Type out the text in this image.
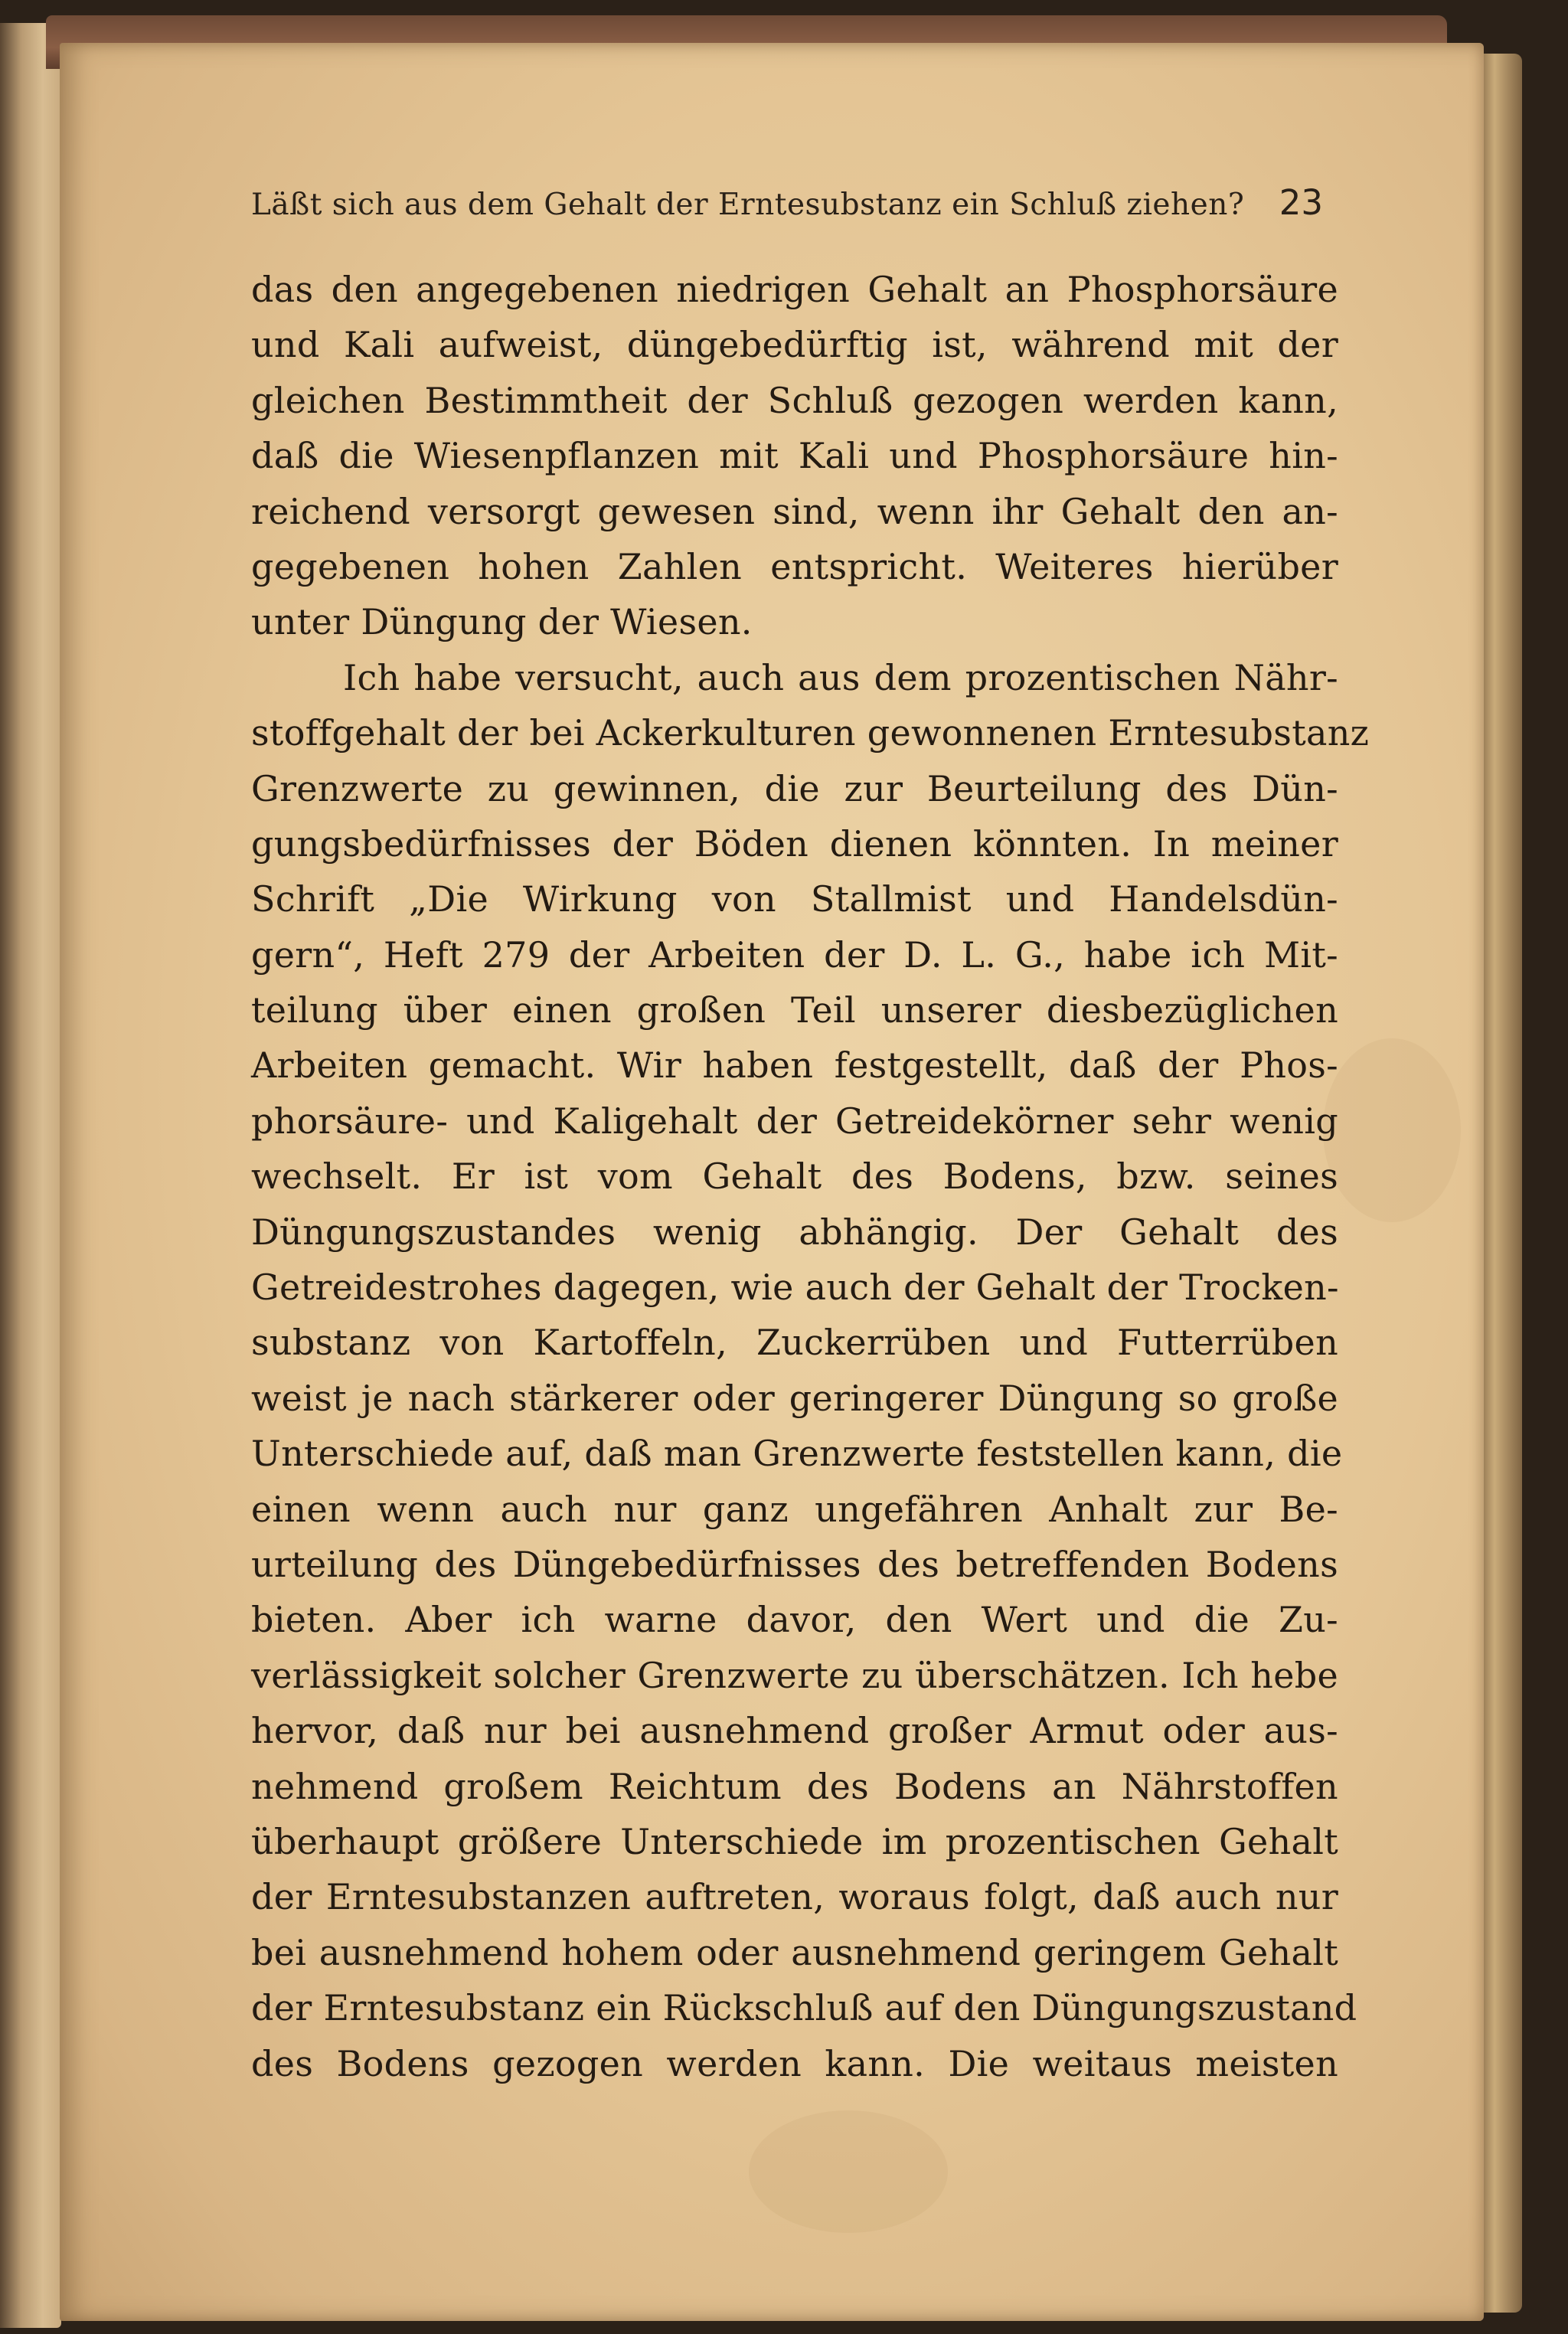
Läßt sich aus dem Gehalt der Erntesubstanz ein Schluß ziehen? 23
das den angegebenen niedrigen Gehalt an Phosphorsäure
und Kali aufweist, düngebedürftig ist, während mit der
gleichen Bestimmtheit der Schluß gezogen werden kann,
daß die Wiesenpflanzen mit Kali und Phosphorsäure hin-
reichend versorgt gewesen sind, wenn ihr Gehalt den an-
gegebenen hohen Zahlen entspricht. Weiteres hierüber
unter Düngung der Wiesen.
Ich habe versucht, auch aus dem prozentischen Nähr-
stoffgehalt der bei Ackerkulturen gewonnenen Erntesubstanz
Grenzwerte zu gewinnen, die zur Beurteilung des Dün-
gungsbedürfnisses der Böden dienen könnten. In meiner
Schrift „Die Wirkung von Stallmist und Handelsdün-
gern“, Heft 279 der Arbeiten der D. L. G., habe ich Mit-
teilung über einen großen Teil unserer diesbezüglichen
Arbeiten gemacht. Wir haben festgestellt, daß der Phos-
phorsäure- und Kaligehalt der Getreidekörner sehr wenig
wechselt. Er ist vom Gehalt des Bodens, bzw. seines
Düngungszustandes wenig abhängig. Der Gehalt des
Getreidestrohes dagegen, wie auch der Gehalt der Trocken-
substanz von Kartoffeln, Zuckerrüben und Futterrüben
weist je nach stärkerer oder geringerer Düngung so große
Unterschiede auf, daß man Grenzwerte feststellen kann, die
einen wenn auch nur ganz ungefähren Anhalt zur Be-
urteilung des Düngebedürfnisses des betreffenden Bodens
bieten. Aber ich warne davor, den Wert und die Zu-
verlässigkeit solcher Grenzwerte zu überschätzen. Ich hebe
hervor, daß nur bei ausnehmend großer Armut oder aus-
nehmend großem Reichtum des Bodens an Nährstoffen
überhaupt größere Unterschiede im prozentischen Gehalt
der Erntesubstanzen auftreten, woraus folgt, daß auch nur
bei ausnehmend hohem oder ausnehmend geringem Gehalt
der Erntesubstanz ein Rückschluß auf den Düngungszustand
des Bodens gezogen werden kann. Die weitaus meisten
